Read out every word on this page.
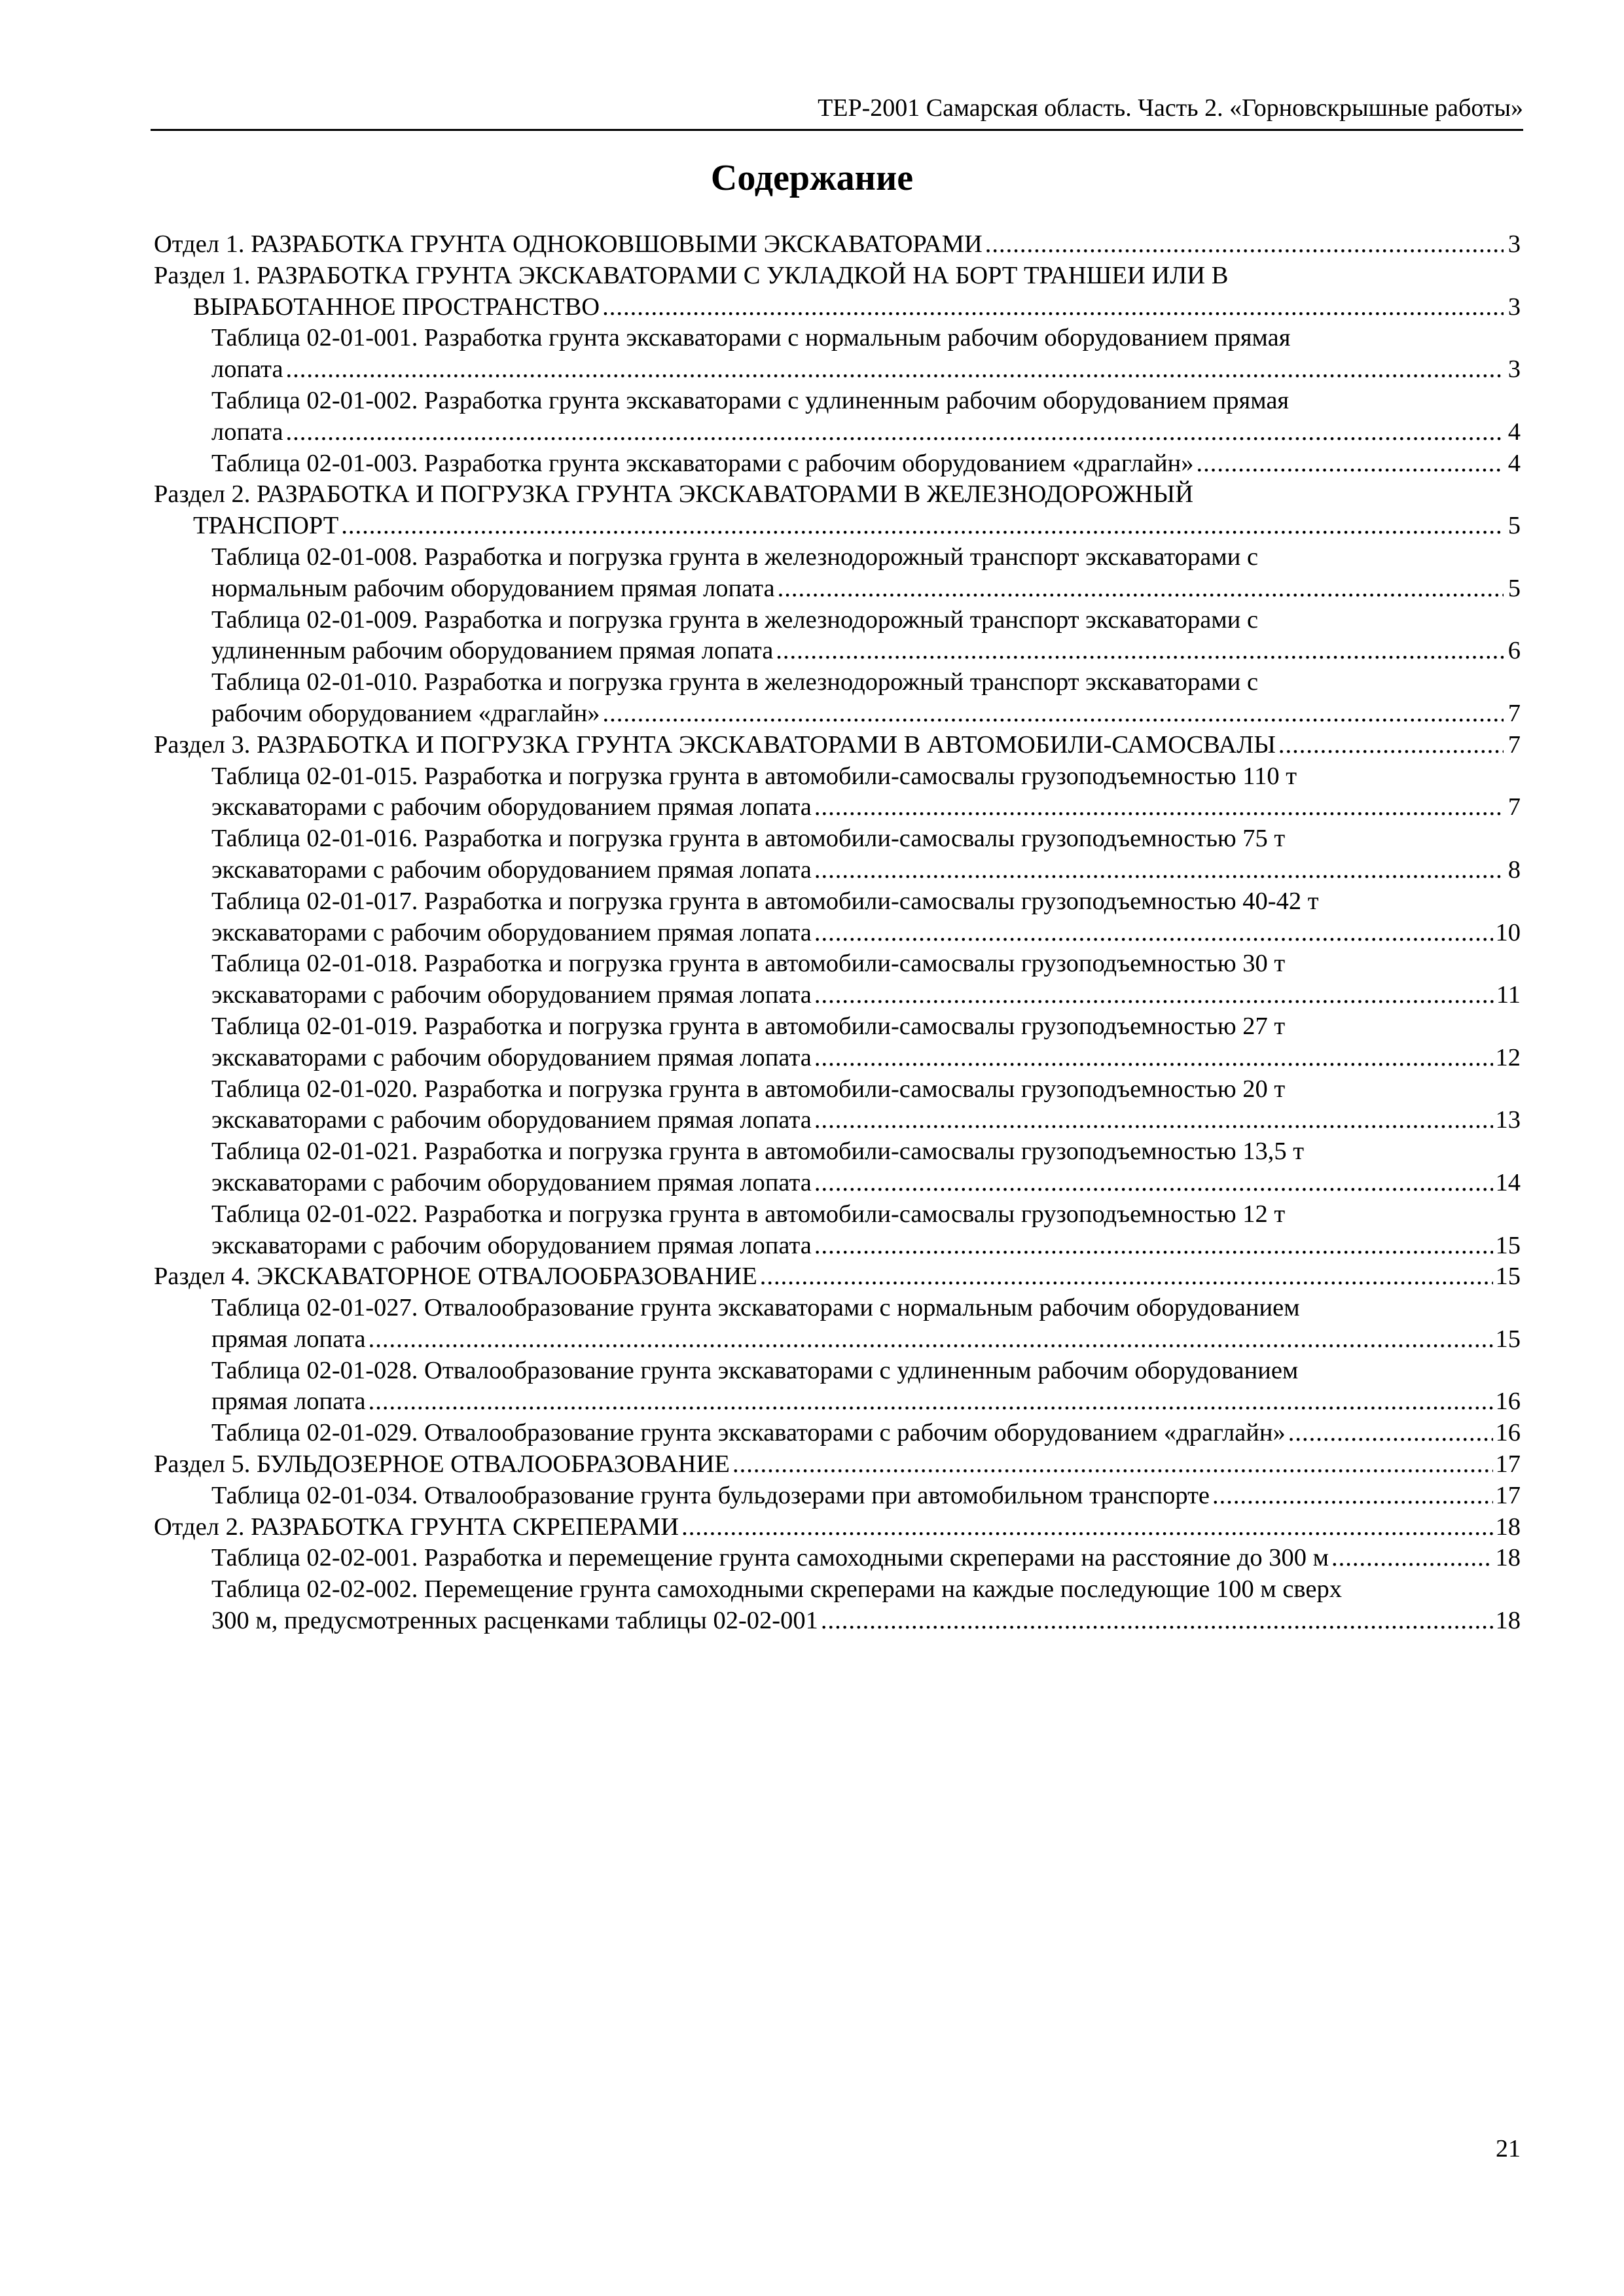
ТЕР-2001 Самарская область. Часть 2. «Горновскрышные работы»
Содержание
Отдел 1. РАЗРАБОТКА ГРУНТА ОДНОКОВШОВЫМИ ЭКСКАВАТОРАМИ .....	3
Раздел 1. РАЗРАБОТКА ГРУНТА ЭКСКАВАТОРАМИ С УКЛАДКОЙ НА БОРТ ТРАНШЕИ ИЛИ В
ВЫРАБОТАННОЕ ПРОСТРАНСТВО .....	3
Таблица 02-01-001. Разработка грунта экскаваторами с нормальным рабочим оборудованием прямая
лопата .....	3
Таблица 02-01-002. Разработка грунта экскаваторами с удлиненным рабочим оборудованием прямая
лопата .....	4
Таблица 02-01-003. Разработка грунта экскаваторами с рабочим оборудованием «драглайн» .....	4
Раздел 2. РАЗРАБОТКА И ПОГРУЗКА ГРУНТА ЭКСКАВАТОРАМИ В ЖЕЛЕЗНОДОРОЖНЫЙ
ТРАНСПОРТ .....	5
Таблица 02-01-008. Разработка и погрузка грунта в железнодорожный транспорт экскаваторами с
нормальным рабочим оборудованием прямая лопата .....	5
Таблица 02-01-009. Разработка и погрузка грунта в железнодорожный транспорт экскаваторами с
удлиненным рабочим оборудованием прямая лопата .....	6
Таблица 02-01-010. Разработка и погрузка грунта в железнодорожный транспорт экскаваторами с
рабочим оборудованием «драглайн» .....	7
Раздел 3. РАЗРАБОТКА И ПОГРУЗКА ГРУНТА ЭКСКАВАТОРАМИ В АВТОМОБИЛИ-САМОСВАЛЫ .....	7
Таблица 02-01-015. Разработка и погрузка грунта в автомобили-самосвалы грузоподъемностью 110 т
экскаваторами с рабочим оборудованием прямая лопата .....	7
Таблица 02-01-016. Разработка и погрузка грунта в автомобили-самосвалы грузоподъемностью 75 т
экскаваторами с рабочим оборудованием прямая лопата .....	8
Таблица 02-01-017. Разработка и погрузка грунта в автомобили-самосвалы грузоподъемностью 40-42 т
экскаваторами с рабочим оборудованием прямая лопата .....	10
Таблица 02-01-018. Разработка и погрузка грунта в автомобили-самосвалы грузоподъемностью 30 т
экскаваторами с рабочим оборудованием прямая лопата .....	11
Таблица 02-01-019. Разработка и погрузка грунта в автомобили-самосвалы грузоподъемностью 27 т
экскаваторами с рабочим оборудованием прямая лопата .....	12
Таблица 02-01-020. Разработка и погрузка грунта в автомобили-самосвалы грузоподъемностью 20 т
экскаваторами с рабочим оборудованием прямая лопата .....	13
Таблица 02-01-021. Разработка и погрузка грунта в автомобили-самосвалы грузоподъемностью 13,5 т
экскаваторами с рабочим оборудованием прямая лопата .....	14
Таблица 02-01-022. Разработка и погрузка грунта в автомобили-самосвалы грузоподъемностью 12 т
экскаваторами с рабочим оборудованием прямая лопата .....	15
Раздел 4. ЭКСКАВАТОРНОЕ ОТВАЛООБРАЗОВАНИЕ .....	15
Таблица 02-01-027. Отвалообразование грунта экскаваторами с нормальным рабочим оборудованием
прямая лопата .....	15
Таблица 02-01-028. Отвалообразование грунта экскаваторами с удлиненным рабочим оборудованием
прямая лопата .....	16
Таблица 02-01-029. Отвалообразование грунта экскаваторами с рабочим оборудованием «драглайн» .....	16
Раздел 5. БУЛЬДОЗЕРНОЕ ОТВАЛООБРАЗОВАНИЕ .....	17
Таблица 02-01-034. Отвалообразование грунта бульдозерами при автомобильном транспорте .....	17
Отдел 2. РАЗРАБОТКА ГРУНТА СКРЕПЕРАМИ .....	18
Таблица 02-02-001. Разработка и перемещение грунта самоходными скреперами на расстояние до 300 м .....	18
Таблица 02-02-002. Перемещение грунта самоходными скреперами на каждые последующие 100 м сверх
300 м, предусмотренных расценками таблицы 02-02-001 .....	18
21
